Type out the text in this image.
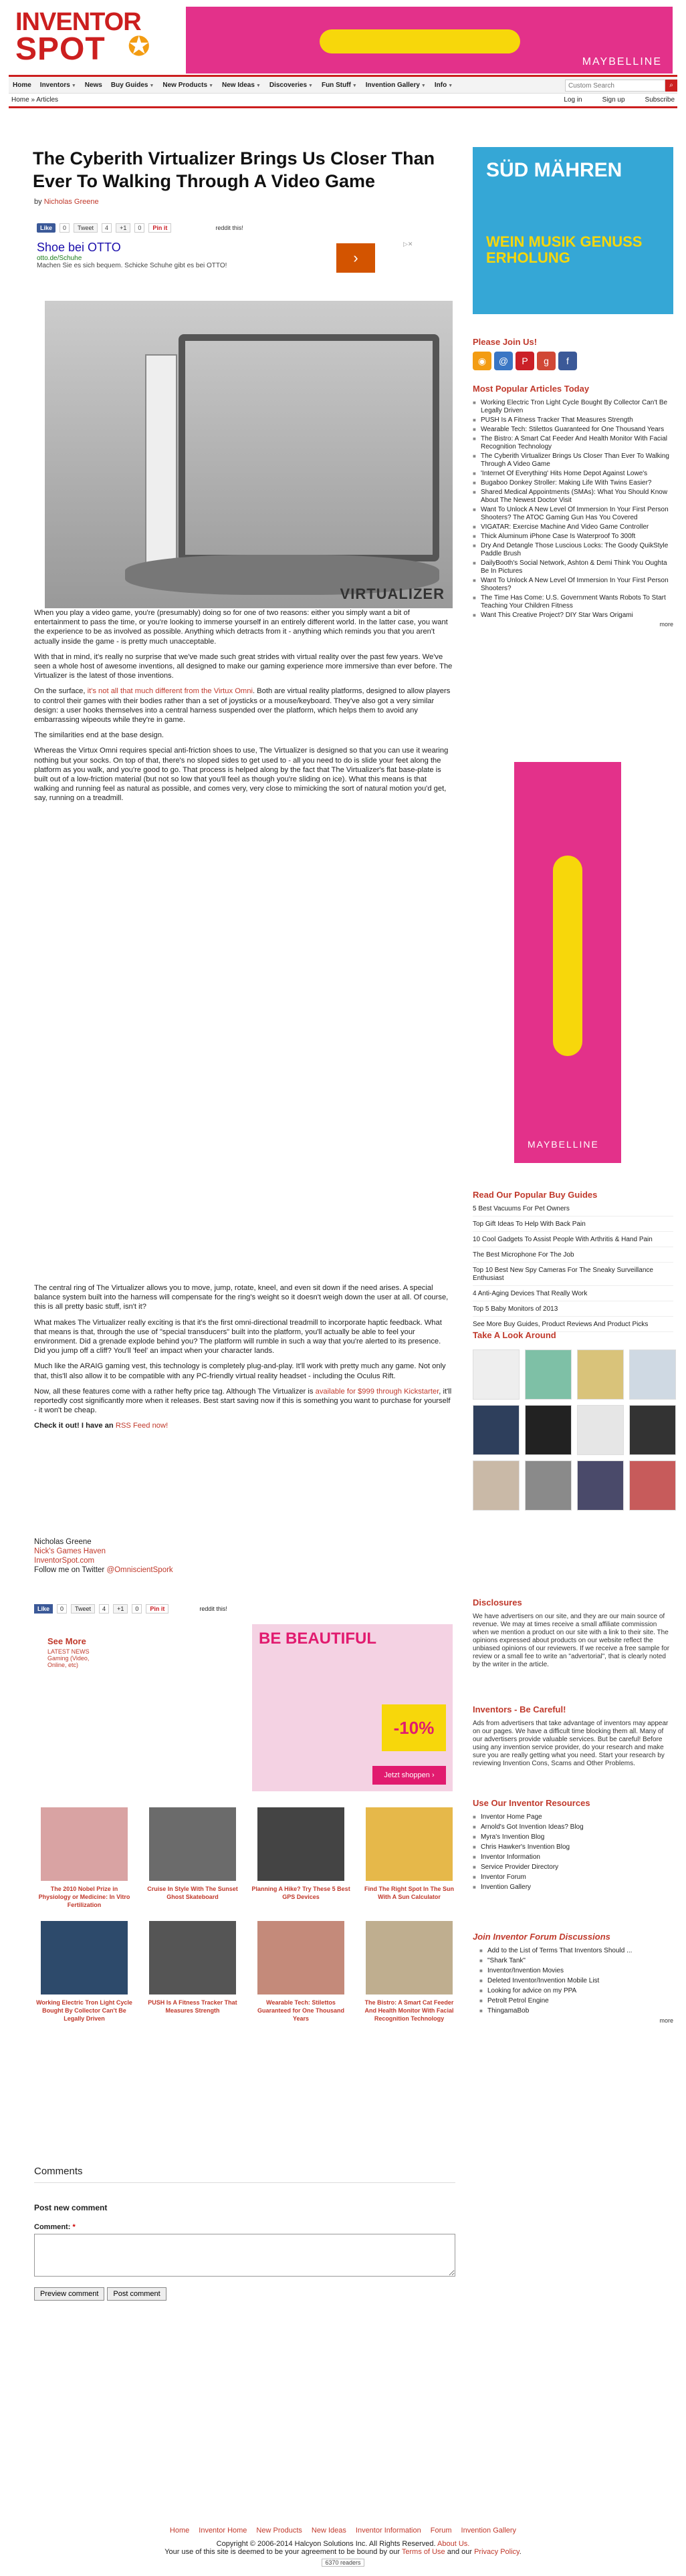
INVENTOR
SPOT ✪
MAYBELLINE
Home Inventors ▼ News Buy Guides ▼ New Products ▼ New Ideas ▼ Discoveries ▼ Fun Stuff ▼ Invention Gallery ▼ Info ▼
Custom Search	⌕
Home » Articles	Log in	Sign up	Subscribe
The Cyberith Virtualizer Brings Us Closer Than Ever To Walking Through A Video Game
by Nicholas Greene
Like	0	Tweet	4	+1	0	Pin it	reddit this!
Shoe bei OTTO
otto.de/Schuhe
Machen Sie es sich bequem. Schicke Schuhe gibt es bei OTTO!	›
▷✕
VIRTUALIZER

When you play a video game, you're (presumably) doing so for one of two reasons: either you simply want a bit of entertainment to pass the time, or you're looking to immerse yourself in an entirely different world. In the latter case, you want the experience to be as involved as possible. Anything which detracts from it - anything which reminds you that you aren't actually inside the game - is pretty much unacceptable.

With that in mind, it's really no surprise that we've made such great strides with virtual reality over the past few years. We've seen a whole host of awesome inventions, all designed to make our gaming experience more immersive than ever before. The Virtualizer is the latest of those inventions.

On the surface, it's not all that much different from the Virtux Omni. Both are virtual reality platforms, designed to allow players to control their games with their bodies rather than a set of joysticks or a mouse/keyboard. They've also got a very similar design: a user hooks themselves into a central harness suspended over the platform, which helps them to avoid any embarrassing wipeouts while they're in game.

The similarities end at the base design.

Whereas the Virtux Omni requires special anti-friction shoes to use, The Virtualizer is designed so that you can use it wearing nothing but your socks. On top of that, there's no sloped sides to get used to - all you need to do is slide your feet along the platform as you walk, and you're good to go. That process is helped along by the fact that The Virtualizer's flat base-plate is built out of a low-friction material (but not so low that you'll feel as though you're sliding on ice). What this means is that walking and running feel as natural as possible, and comes very, very close to mimicking the sort of natural motion you'd get, say, running on a treadmill.

The central ring of The Virtualizer allows you to move, jump, rotate, kneel, and even sit down if the need arises. A special balance system built into the harness will compensate for the ring's weight so it doesn't weigh down the user at all. Of course, this is all pretty basic stuff, isn't it?

What makes The Virtualizer really exciting is that it's the first omni-directional treadmill to incorporate haptic feedback. What that means is that, through the use of "special transducers" built into the platform, you'll actually be able to feel your environment. Did a grenade explode behind you? The platform will rumble in such a way that you're alerted to its presence. Did you jump off a cliff? You'll 'feel' an impact when your character lands.

Much like the ARAIG gaming vest, this technology is completely plug-and-play. It'll work with pretty much any game. Not only that, this'll also allow it to be compatible with any PC-friendly virtual reality headset - including the Oculus Rift.

Now, all these features come with a rather hefty price tag. Although The Virtualizer is available for $999 through Kickstarter, it'll reportedly cost significantly more when it releases. Best start saving now if this is something you want to purchase for yourself - it won't be cheap.

Check it out! I have an RSS Feed now!

Nicholas Greene
Nick's Games Haven
InventorSpot.com
Follow me on Twitter @OmniscientSpork
Like	0	Tweet	4	+1	0	Pin it	reddit this!
See More
LATEST NEWS Gaming (Video, Online, etc)
BE BEAUTIFUL
-10%
Jetzt shoppen ›
The 2010 Nobel Prize in Physiology or Medicine: In Vitro Fertilization
Cruise In Style With The Sunset Ghost Skateboard
Planning A Hike? Try These 5 Best GPS Devices
Find The Right Spot In The Sun With A Sun Calculator
Working Electric Tron Light Cycle Bought By Collector Can't Be Legally Driven
PUSH Is A Fitness Tracker That Measures Strength
Wearable Tech: Stilettos Guaranteed for One Thousand Years
The Bistro: A Smart Cat Feeder And Health Monitor With Facial Recognition Technology
Comments
Post new comment
Comment: *
Preview comment	Post comment
SÜD MÄHREN
WEIN MUSIK GENUSS ERHOLUNG
Please Join Us!
◉	@	P	g	f
Most Popular Articles Today
■ Working Electric Tron Light Cycle Bought By Collector Can't Be Legally Driven
■ PUSH Is A Fitness Tracker That Measures Strength
■ Wearable Tech: Stilettos Guaranteed for One Thousand Years
■ The Bistro: A Smart Cat Feeder And Health Monitor With Facial Recognition Technology
■ The Cyberith Virtualizer Brings Us Closer Than Ever To Walking Through A Video Game
■ 'Internet Of Everything' Hits Home Depot Against Lowe's
■ Bugaboo Donkey Stroller: Making Life With Twins Easier?
■ Shared Medical Appointments (SMAs): What You Should Know About The Newest Doctor Visit
■ Want To Unlock A New Level Of Immersion In Your First Person Shooters? The ATOC Gaming Gun Has You Covered
■ VIGATAR: Exercise Machine And Video Game Controller
■ Thick Aluminum iPhone Case Is Waterproof To 300ft
■ Dry And Detangle Those Luscious Locks: The Goody QuikStyle Paddle Brush
■ DailyBooth's Social Network, Ashton & Demi Think You Oughta Be In Pictures
■ Want To Unlock A New Level Of Immersion In Your First Person Shooters?
■ The Time Has Come: U.S. Government Wants Robots To Start Teaching Your Children Fitness
■ Want This Creative Project? DIY Star Wars Origami
more
MAYBELLINE
Read Our Popular Buy Guides
5 Best Vacuums For Pet Owners
Top Gift Ideas To Help With Back Pain
10 Cool Gadgets To Assist People With Arthritis & Hand Pain
The Best Microphone For The Job
Top 10 Best New Spy Cameras For The Sneaky Surveillance Enthusiast
4 Anti-Aging Devices That Really Work
Top 5 Baby Monitors of 2013
See More Buy Guides, Product Reviews And Product Picks
Take A Look Around
Disclosures

We have advertisers on our site, and they are our main source of revenue. We may at times receive a small affiliate commission when we mention a product on our site with a link to their site. The opinions expressed about products on our website reflect the unbiased opinions of our reviewers. If we receive a free sample for review or a small fee to write an "advertorial", that is clearly noted by the writer in the article.

Inventors - Be Careful!

Ads from advertisers that take advantage of inventors may appear on our pages. We have a difficult time blocking them all. Many of our advertisers provide valuable services. But be careful! Before using any invention service provider, do your research and make sure you are really getting what you need. Start your research by reviewing Invention Cons, Scams and Other Problems.

Use Our Inventor Resources
■ Inventor Home Page
■ Arnold's Got Invention Ideas? Blog
■ Myra's Invention Blog
■ Chris Hawker's Invention Blog
■ Inventor Information
■ Service Provider Directory
■ Inventor Forum
■ Invention Gallery
Join Inventor Forum Discussions
■ Add to the List of Terms That Inventors Should ...
■ "Shark Tank"
■ Inventor/Invention Movies
■ Deleted Inventor/Invention Mobile List
■ Looking for advice on my PPA
■ Petrolt Petrol Engine
■ ThingamaBob
more
Home Inventor Home New Products New Ideas Inventor Information Forum Invention Gallery
Copyright © 2006-2014 Halcyon Solutions Inc. All Rights Reserved. About Us.
Your use of this site is deemed to be your agreement to be bound by our Terms of Use and our Privacy Policy.
6370 readers
